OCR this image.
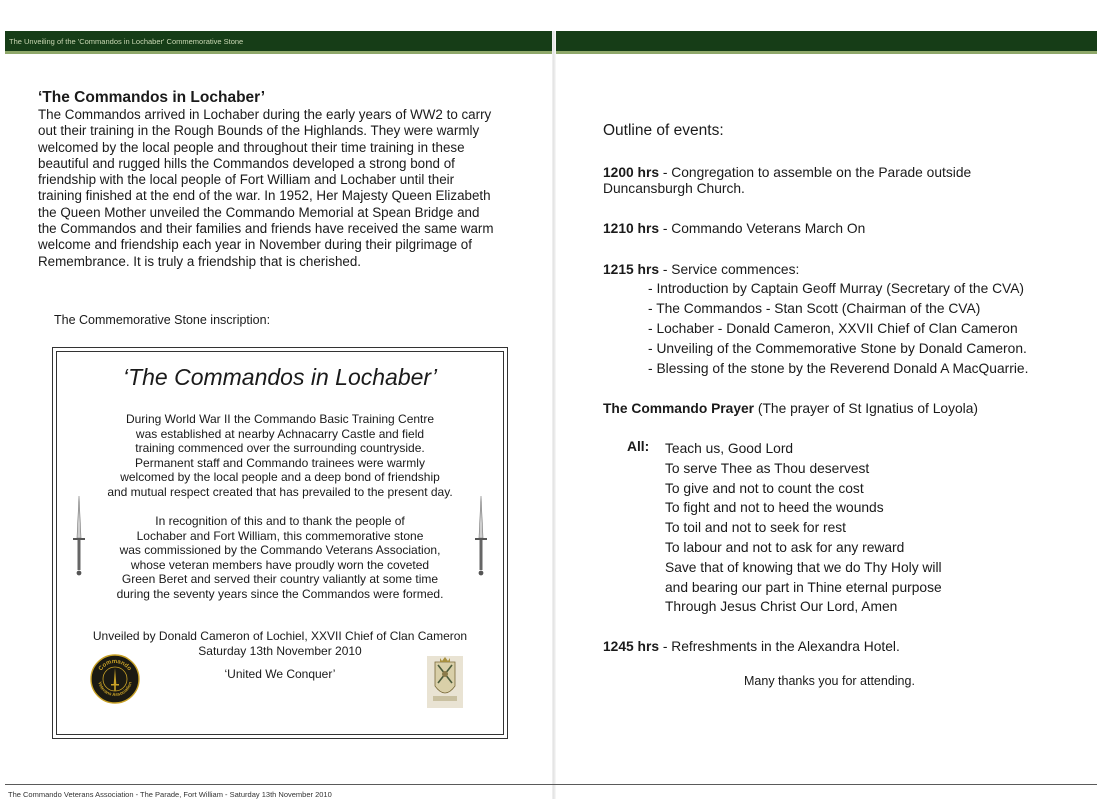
The Unveiling of the 'Commandos in Lochaber' Commemorative Stone
‘The Commandos in Lochaber’
The Commandos arrived in Lochaber during the early years of WW2 to carry
out their training in the Rough Bounds of the Highlands. They were warmly
welcomed by the local people and throughout their time training in these
beautiful and rugged hills the Commandos developed a strong bond of
friendship with the local people of Fort William and Lochaber until their
training finished at the end of the war. In 1952, Her Majesty Queen Elizabeth
the Queen Mother unveiled the Commando Memorial at Spean Bridge and
the Commandos and their families and friends have received the same warm
welcome and friendship each year in November during their pilgrimage of
Remembrance. It is truly a friendship that is cherished.
The Commemorative Stone inscription:
‘The Commandos in Lochaber’
During World War II the Commando Basic Training Centre
was established at nearby Achnacarry Castle and field
training commenced over the surrounding countryside.
Permanent staff and Commando trainees were warmly
welcomed by the local people and a deep bond of friendship
and mutual respect created that has prevailed to the present day.
In recognition of this and to thank the people of
Lochaber and Fort William, this commemorative stone
was commissioned by the Commando Veterans Association,
whose veteran members have proudly worn the coveted
Green Beret and served their country valiantly at some time
during the seventy years since the Commandos were formed.
Unveiled by Donald Cameron of Lochiel, XXVII Chief of Clan Cameron
Saturday 13th November 2010
‘United We Conquer’
Commando
Veterans Association
Outline of events:
1200 hrs - Congregation to assemble on the Parade outside
Duncansburgh Church.
1210 hrs - Commando Veterans March On
1215 hrs - Service commences:
- Introduction by Captain Geoff Murray (Secretary of the CVA)
- The Commandos - Stan Scott (Chairman of the CVA)
- Lochaber - Donald Cameron, XXVII Chief of Clan Cameron
- Unveiling of the Commemorative Stone by Donald Cameron.
- Blessing of the stone by the Reverend Donald A MacQuarrie.
The Commando Prayer (The prayer of St Ignatius of Loyola)
All: Teach us, Good Lord
To serve Thee as Thou deservest
To give and not to count the cost
To fight and not to heed the wounds
To toil and not to seek for rest
To labour and not to ask for any reward
Save that of knowing that we do Thy Holy will
and bearing our part in Thine eternal purpose
Through Jesus Christ Our Lord, Amen
1245 hrs - Refreshments in the Alexandra Hotel.
Many thanks you for attending.
The Commando Veterans Association - The Parade, Fort William - Saturday 13th November 2010
